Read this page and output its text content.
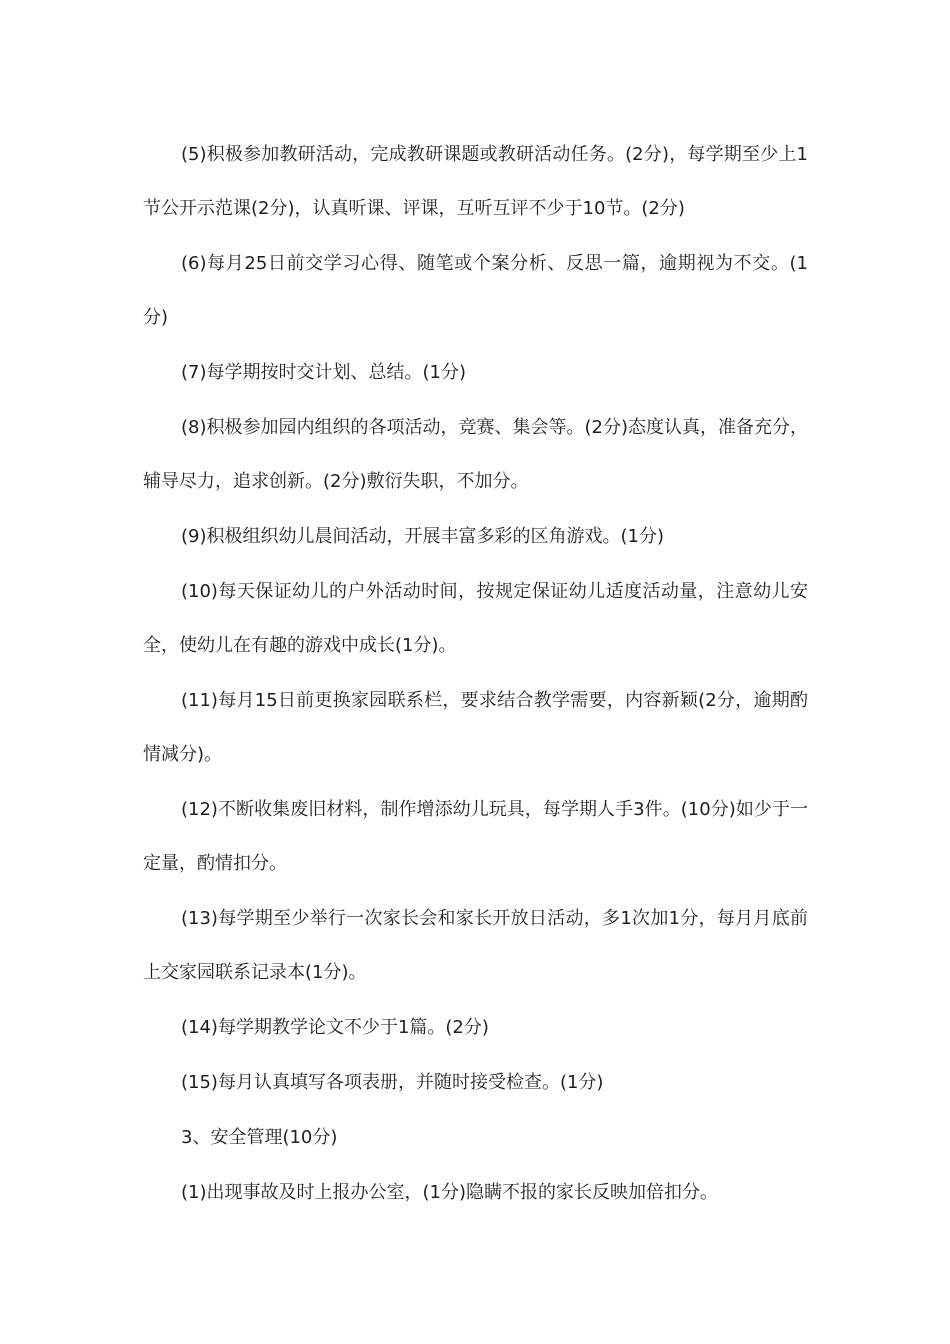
(5)积极参加教研活动，完成教研课题或教研活动任务。(2分)，每学期至少上1节公开示范课(2分)，认真听课、评课，互听互评不少于10节。(2分)

(6)每月25日前交学习心得、随笔或个案分析、反思一篇，逾期视为不交。(1分)

(7)每学期按时交计划、总结。(1分)

(8)积极参加园内组织的各项活动，竞赛、集会等。(2分)态度认真，准备充分，辅导尽力，追求创新。(2分)敷衍失职，不加分。

(9)积极组织幼儿晨间活动，开展丰富多彩的区角游戏。(1分)

(10)每天保证幼儿的户外活动时间，按规定保证幼儿适度活动量，注意幼儿安全，使幼儿在有趣的游戏中成长(1分)。

(11)每月15日前更换家园联系栏，要求结合教学需要，内容新颖(2分，逾期酌情减分)。

(12)不断收集废旧材料，制作增添幼儿玩具，每学期人手3件。(10分)如少于一定量，酌情扣分。

(13)每学期至少举行一次家长会和家长开放日活动，多1次加1分，每月月底前上交家园联系记录本(1分)。

(14)每学期教学论文不少于1篇。(2分)

(15)每月认真填写各项表册，并随时接受检查。(1分)

3、安全管理(10分)

(1)出现事故及时上报办公室，(1分)隐瞒不报的家长反映加倍扣分。
